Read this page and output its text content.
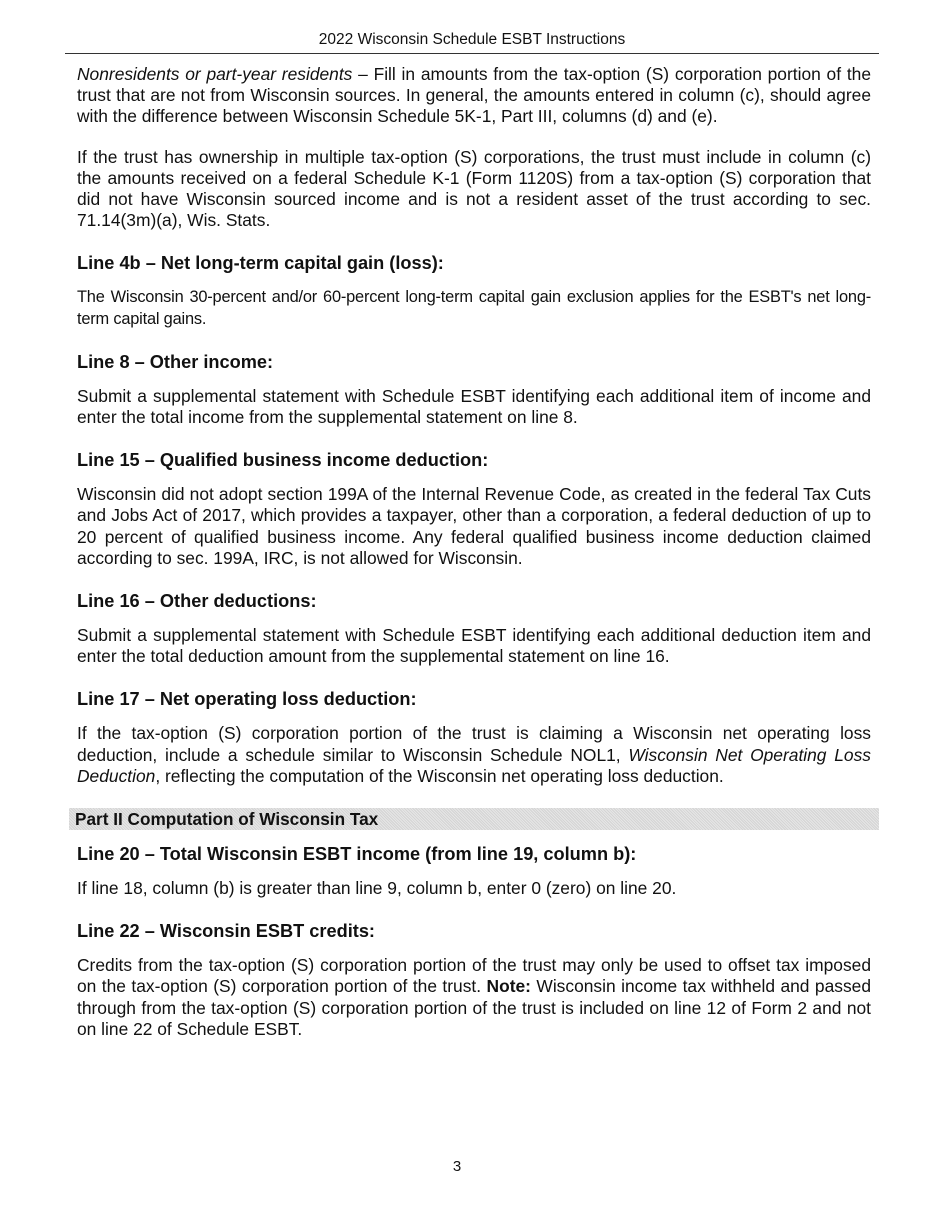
2022 Wisconsin Schedule ESBT Instructions

Nonresidents or part-year residents – Fill in amounts from the tax-option (S) corporation portion of the trust that are not from Wisconsin sources. In general, the amounts entered in column (c), should agree with the difference between Wisconsin Schedule 5K-1, Part III, columns (d) and (e).

If the trust has ownership in multiple tax-option (S) corporations, the trust must include in column (c) the amounts received on a federal Schedule K-1 (Form 1120S) from a tax-option (S) corporation that did not have Wisconsin sourced income and is not a resident asset of the trust according to sec. 71.14(3m)(a), Wis. Stats.

Line 4b – Net long-term capital gain (loss):

The Wisconsin 30-percent and/or 60-percent long-term capital gain exclusion applies for the ESBT's net long-term capital gains.

Line 8 – Other income:

Submit a supplemental statement with Schedule ESBT identifying each additional item of income and enter the total income from the supplemental statement on line 8.

Line 15 – Qualified business income deduction:

Wisconsin did not adopt section 199A of the Internal Revenue Code, as created in the federal Tax Cuts and Jobs Act of 2017, which provides a taxpayer, other than a corporation, a federal deduction of up to 20 percent of qualified business income. Any federal qualified business income deduction claimed according to sec. 199A, IRC, is not allowed for Wisconsin.

Line 16 – Other deductions:

Submit a supplemental statement with Schedule ESBT identifying each additional deduction item and enter the total deduction amount from the supplemental statement on line 16.

Line 17 – Net operating loss deduction:

If the tax-option (S) corporation portion of the trust is claiming a Wisconsin net operating loss deduction, include a schedule similar to Wisconsin Schedule NOL1, Wisconsin Net Operating Loss Deduction, reflecting the computation of the Wisconsin net operating loss deduction.

Part II Computation of Wisconsin Tax
Line 20 – Total Wisconsin ESBT income (from line 19, column b):

If line 18, column (b) is greater than line 9, column b, enter 0 (zero) on line 20.

Line 22 – Wisconsin ESBT credits:

Credits from the tax-option (S) corporation portion of the trust may only be used to offset tax imposed on the tax-option (S) corporation portion of the trust. Note: Wisconsin income tax withheld and passed through from the tax-option (S) corporation portion of the trust is included on line 12 of Form 2 and not on line 22 of Schedule ESBT.

3
